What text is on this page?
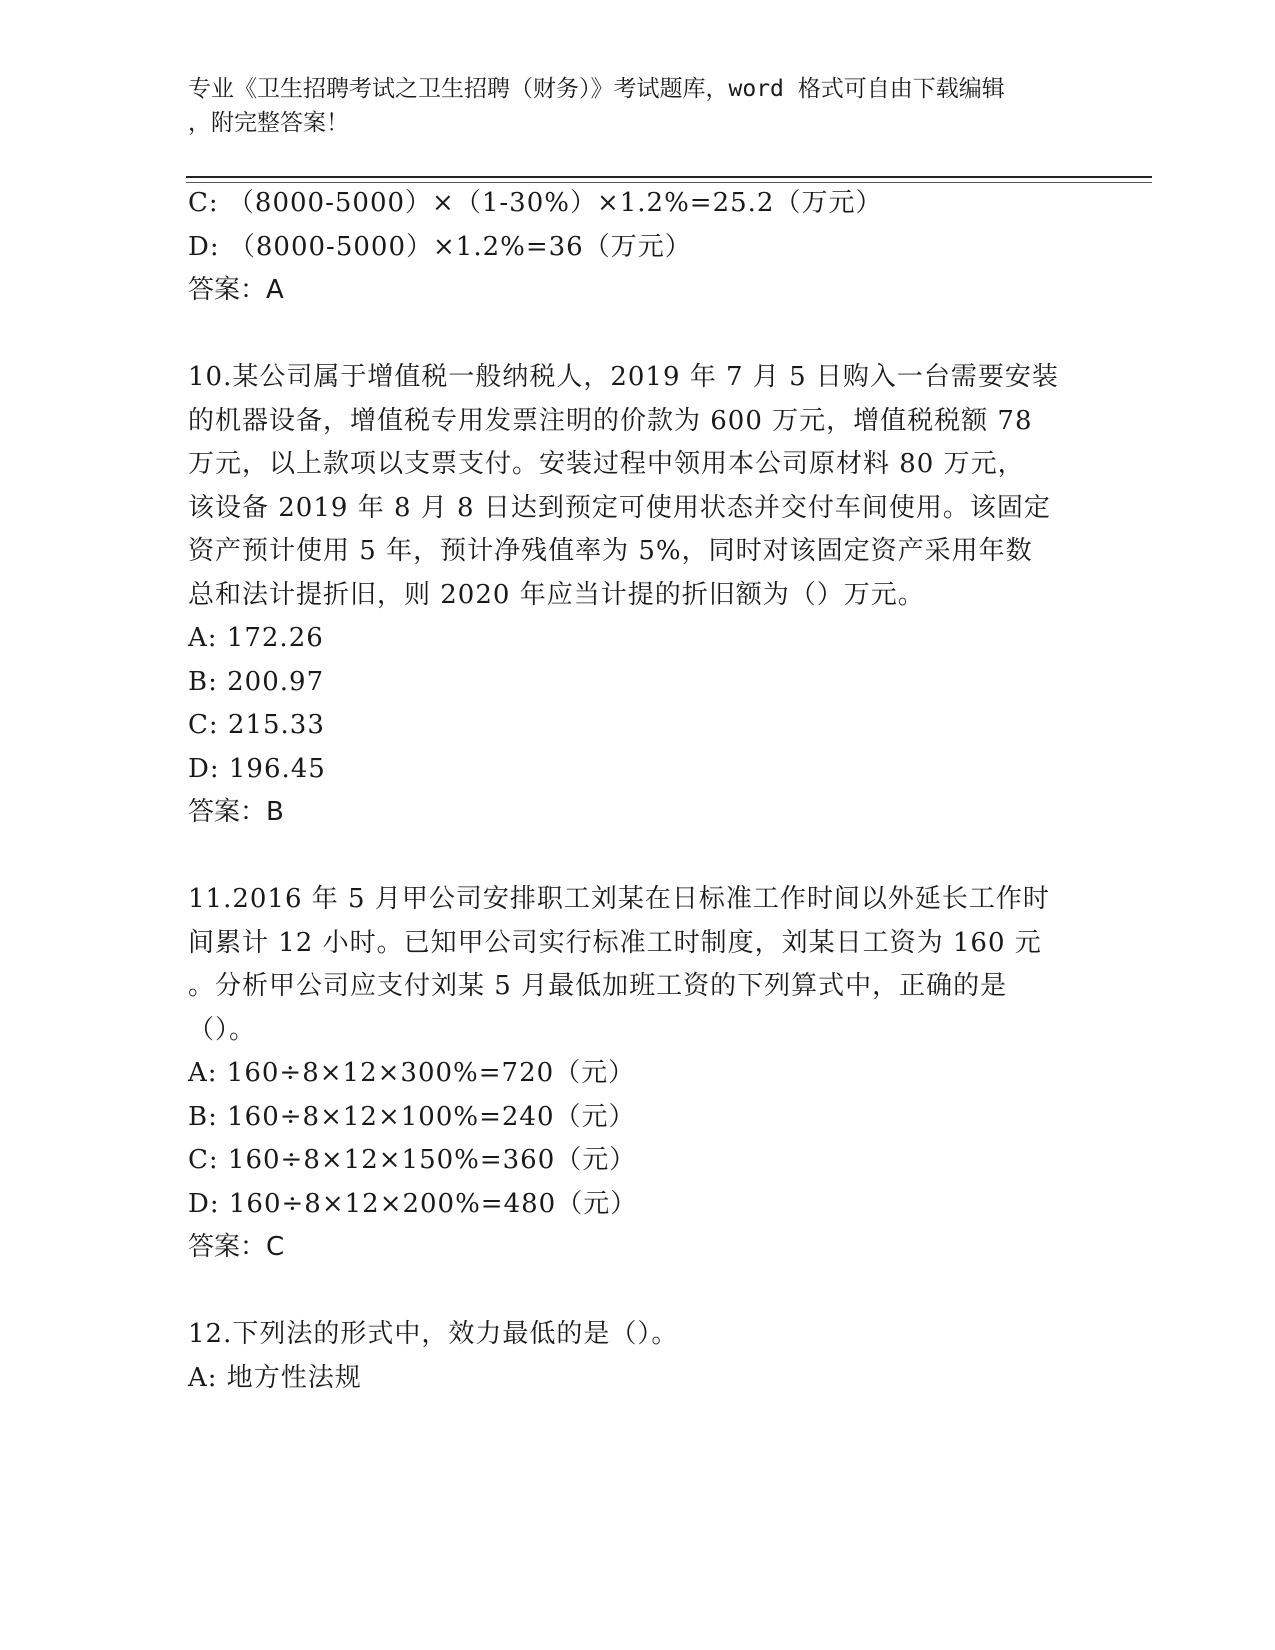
专业《卫生招聘考试之卫生招聘（财务）》考试题库，word 格式可自由下载编辑
，附完整答案！
C: （8000-5000）×（1-30%）×1.2%=25.2（万元）
D: （8000-5000）×1.2%=36（万元）
答案：A
10.某公司属于增值税一般纳税人，2019 年 7 月 5 日购入一台需要安装
的机器设备，增值税专用发票注明的价款为 600 万元，增值税税额 78
万元，以上款项以支票支付。安装过程中领用本公司原材料 80 万元，
该设备 2019 年 8 月 8 日达到预定可使用状态并交付车间使用。该固定
资产预计使用 5 年，预计净残值率为 5%，同时对该固定资产采用年数
总和法计提折旧，则 2020 年应当计提的折旧额为（）万元。
A: 172.26
B: 200.97
C: 215.33
D: 196.45
答案：B
11.2016 年 5 月甲公司安排职工刘某在日标准工作时间以外延长工作时
间累计 12 小时。已知甲公司实行标准工时制度，刘某日工资为 160 元
。分析甲公司应支付刘某 5 月最低加班工资的下列算式中，正确的是
（）。
A: 160÷8×12×300%=720（元）
B: 160÷8×12×100%=240（元）
C: 160÷8×12×150%=360（元）
D: 160÷8×12×200%=480（元）
答案：C
12.下列法的形式中，效力最低的是（）。
A: 地方性法规
